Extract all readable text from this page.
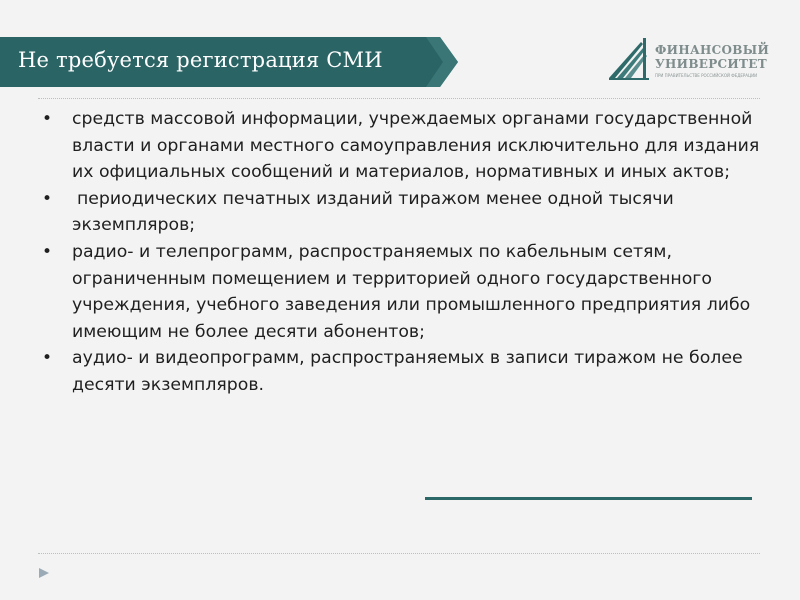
Не требуется регистрация СМИ	ФИНАНСОВЫЙ
УНИВЕРСИТЕТ
ПРИ ПРАВИТЕЛЬСТВЕ РОССИЙСКОЙ ФЕДЕРАЦИИ
• средств массовой информации, учреждаемых органами государственной власти и органами местного самоуправления исключительно для издания их официальных сообщений и материалов, нормативных и иных актов;
• периодических печатных изданий тиражом менее одной тысячи экземпляров;
• радио- и телепрограмм, распространяемых по кабельным сетям, ограниченным помещением и территорией одного государственного учреждения, учебного заведения или промышленного предприятия либо имеющим не более десяти абонентов;
• аудио- и видеопрограмм, распространяемых в записи тиражом не более десяти экземпляров.
